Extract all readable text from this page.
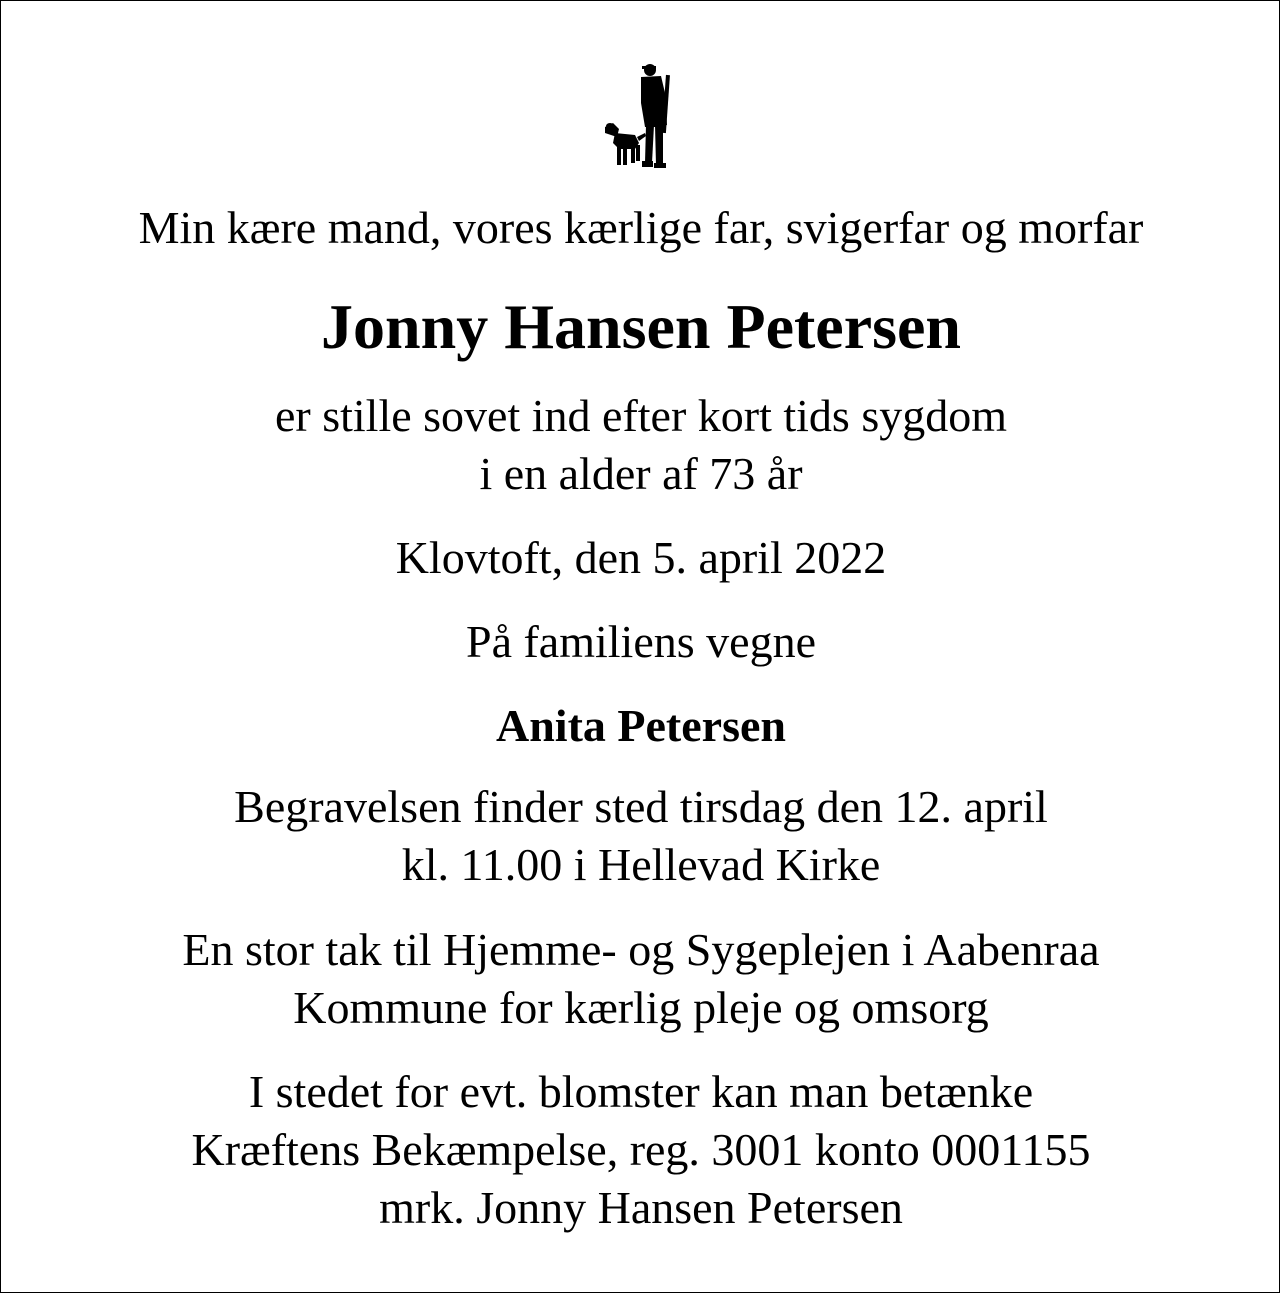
Min kære mand, vores kærlige far, svigerfar og morfar
Jonny Hansen Petersen
er stille sovet ind efter kort tids sygdom
i en alder af 73 år
Klovtoft, den 5. april 2022
På familiens vegne
Anita Petersen
Begravelsen finder sted tirsdag den 12. april
kl. 11.00 i Hellevad Kirke
En stor tak til Hjemme- og Sygeplejen i Aabenraa
Kommune for kærlig pleje og omsorg
I stedet for evt. blomster kan man betænke
Kræftens Bekæmpelse, reg. 3001 konto 0001155
mrk. Jonny Hansen Petersen
